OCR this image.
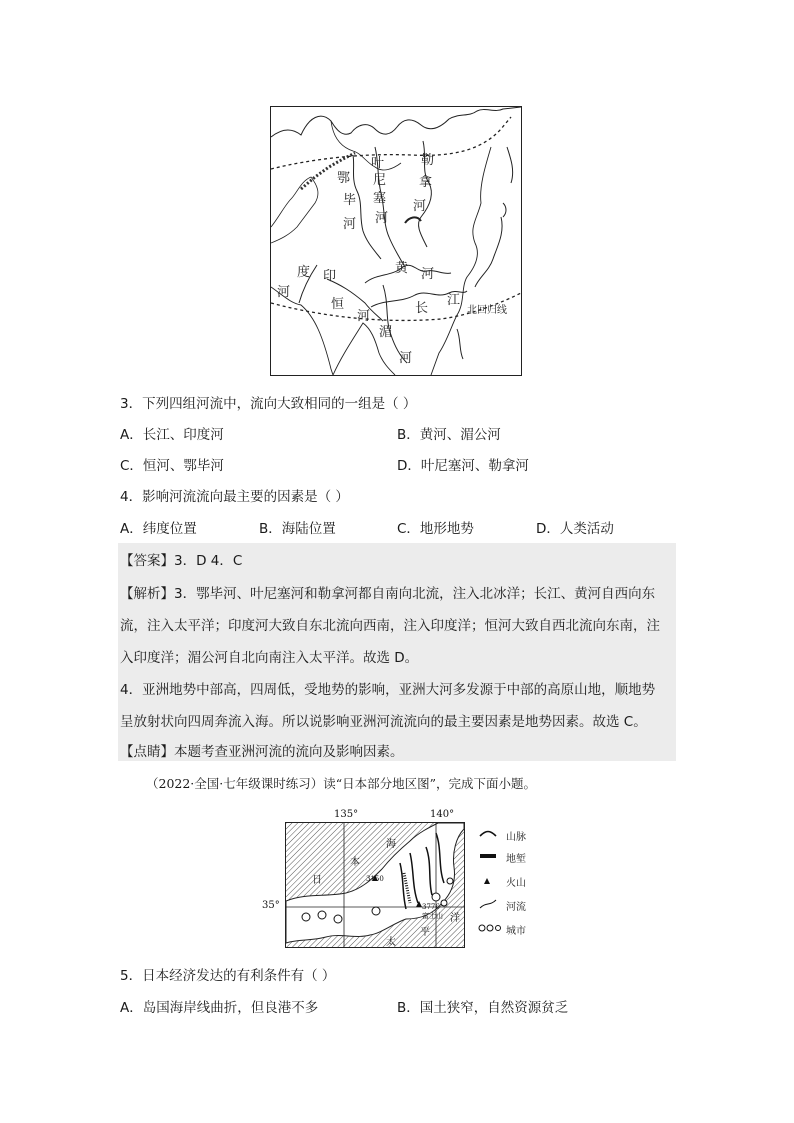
叶	勒
鄂 尼	拿
塞
毕	河
河
河
度 印
黄 河
河
江
恒	长
河	北回归线
湄
河
3．下列四组河流中，流向大致相同的一组是（ ）
A．长江、印度河	B．黄河、湄公河
C．恒河、鄂毕河	D．叶尼塞河、勒拿河
4．影响河流流向最主要的因素是（ ）
A．纬度位置	B．海陆位置	C．地形地势	D．人类活动
【答案】3．D 4．C
【解析】3．鄂毕河、叶尼塞河和勒拿河都自南向北流，注入北冰洋；长江、黄河自西向东
流，注入太平洋；印度河大致自东北流向西南，注入印度洋；恒河大致自西北流向东南，注
入印度洋；湄公河自北向南注入太平洋。故选 D。
4．亚洲地势中部高，四周低，受地势的影响，亚洲大河多发源于中部的高原山地，顺地势
呈放射状向四周奔流入海。所以说影响亚洲河流流向的最主要因素是地势因素。故选 C。
【点睛】本题考查亚洲河流的流向及影响因素。
（2022·全国·七年级课时练习）读“日本部分地区图”，完成下面小题。
135°	140°
35°
海
本
日	3150
3776
富士山 洋
平
太
山脉
地堑
火山
河流
城市
5．日本经济发达的有利条件有（ ）
A．岛国海岸线曲折，但良港不多	B．国土狭窄，自然资源贫乏
